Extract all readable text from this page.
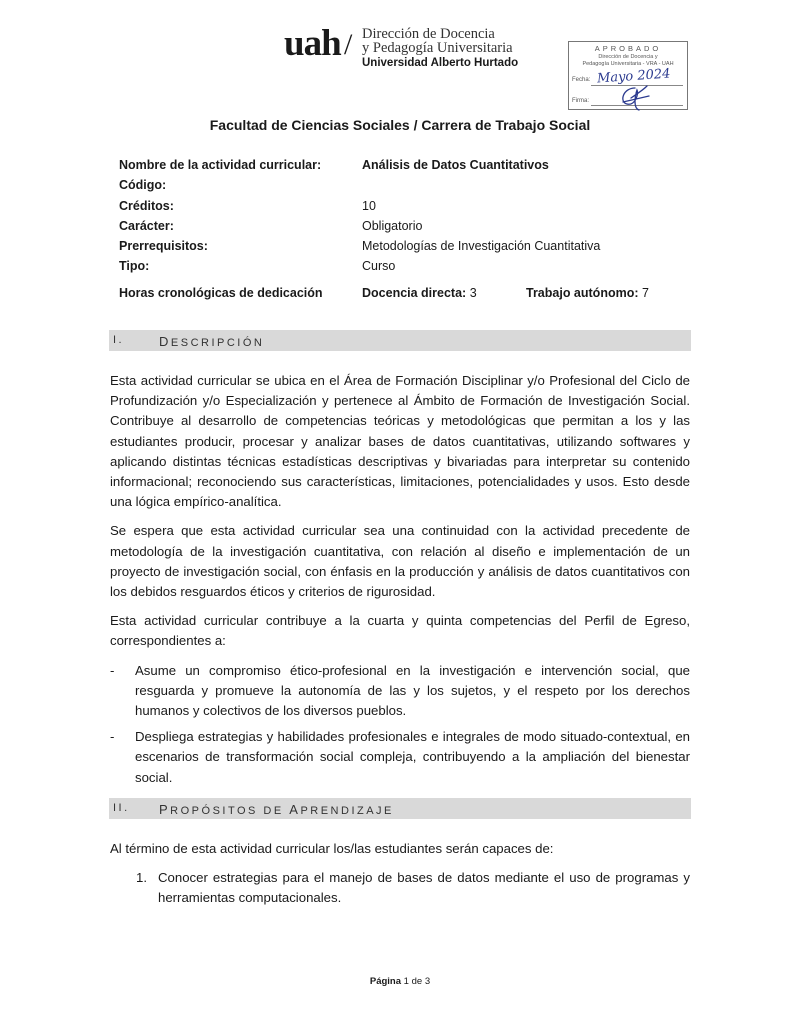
uah / Dirección de Docencia
y Pedagogía Universitaria
Universidad Alberto Hurtado
APROBADO
Dirección de Docencia y
Pedagogía Universitaria - VRA - UAH
Fecha: Mayo 2024
Firma:
Facultad de Ciencias Sociales / Carrera de Trabajo Social
Nombre de la actividad curricular:	Análisis de Datos Cuantitativos
Código:
Créditos:	10
Carácter:	Obligatorio
Prerrequisitos:	Metodologías de Investigación Cuantitativa
Tipo:	Curso
Horas cronológicas de dedicación	Docencia directa: 3	Trabajo autónomo: 7
I.	DESCRIPCIÓN

Esta actividad curricular se ubica en el Área de Formación Disciplinar y/o Profesional del Ciclo de Profundización y/o Especialización y pertenece al Ámbito de Formación de Investigación Social. Contribuye al desarrollo de competencias teóricas y metodológicas que permitan a los y las estudiantes producir, procesar y analizar bases de datos cuantitativas, utilizando softwares y aplicando distintas técnicas estadísticas descriptivas y bivariadas para interpretar su contenido informacional; reconociendo sus características, limitaciones, potencialidades y usos. Esto desde una lógica empírico-analítica.

Se espera que esta actividad curricular sea una continuidad con la actividad precedente de metodología de la investigación cuantitativa, con relación al diseño e implementación de un proyecto de investigación social, con énfasis en la producción y análisis de datos cuantitativos con los debidos resguardos éticos y criterios de rigurosidad.

Esta actividad curricular contribuye a la cuarta y quinta competencias del Perfil de Egreso, correspondientes a:

- Asume un compromiso ético-profesional en la investigación e intervención social, que resguarda y promueve la autonomía de las y los sujetos, y el respeto por los derechos humanos y colectivos de los diversos pueblos.
- Despliega estrategias y habilidades profesionales e integrales de modo situado-contextual, en escenarios de transformación social compleja, contribuyendo a la ampliación del bienestar social.
II. PROPÓSITOS DE APRENDIZAJE

Al término de esta actividad curricular los/las estudiantes serán capaces de:

1. Conocer estrategias para el manejo de bases de datos mediante el uso de programas y herramientas computacionales.
Página 1 de 3
